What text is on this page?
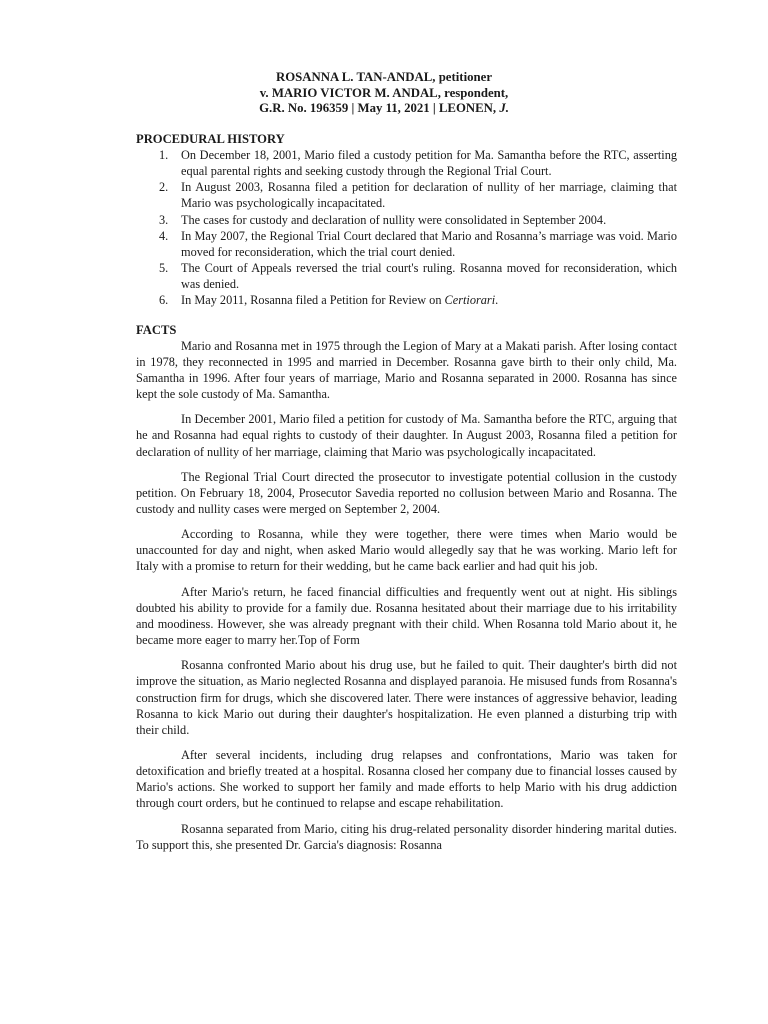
ROSANNA L. TAN-ANDAL, petitioner
v. MARIO VICTOR M. ANDAL, respondent,
G.R. No. 196359 | May 11, 2021 | LEONEN, J.
PROCEDURAL HISTORY
1. On December 18, 2001, Mario filed a custody petition for Ma. Samantha before the RTC, asserting equal parental rights and seeking custody through the Regional Trial Court.
2. In August 2003, Rosanna filed a petition for declaration of nullity of her marriage, claiming that Mario was psychologically incapacitated.
3. The cases for custody and declaration of nullity were consolidated in September 2004.
4. In May 2007, the Regional Trial Court declared that Mario and Rosanna’s marriage was void. Mario moved for reconsideration, which the trial court denied.
5. The Court of Appeals reversed the trial court's ruling. Rosanna moved for reconsideration, which was denied.
6. In May 2011, Rosanna filed a Petition for Review on Certiorari.
FACTS

Mario and Rosanna met in 1975 through the Legion of Mary at a Makati parish. After losing contact in 1978, they reconnected in 1995 and married in December. Rosanna gave birth to their only child, Ma. Samantha in 1996. After four years of marriage, Mario and Rosanna separated in 2000. Rosanna has since kept the sole custody of Ma. Samantha.

In December 2001, Mario filed a petition for custody of Ma. Samantha before the RTC, arguing that he and Rosanna had equal rights to custody of their daughter. In August 2003, Rosanna filed a petition for declaration of nullity of her marriage, claiming that Mario was psychologically incapacitated.

The Regional Trial Court directed the prosecutor to investigate potential collusion in the custody petition. On February 18, 2004, Prosecutor Savedia reported no collusion between Mario and Rosanna. The custody and nullity cases were merged on September 2, 2004.

According to Rosanna, while they were together, there were times when Mario would be unaccounted for day and night, when asked Mario would allegedly say that he was working. Mario left for Italy with a promise to return for their wedding, but he came back earlier and had quit his job.

After Mario's return, he faced financial difficulties and frequently went out at night. His siblings doubted his ability to provide for a family due. Rosanna hesitated about their marriage due to his irritability and moodiness. However, she was already pregnant with their child. When Rosanna told Mario about it, he became more eager to marry her.Top of Form

Rosanna confronted Mario about his drug use, but he failed to quit. Their daughter's birth did not improve the situation, as Mario neglected Rosanna and displayed paranoia. He misused funds from Rosanna's construction firm for drugs, which she discovered later. There were instances of aggressive behavior, leading Rosanna to kick Mario out during their daughter's hospitalization. He even planned a disturbing trip with their child.

After several incidents, including drug relapses and confrontations, Mario was taken for detoxification and briefly treated at a hospital. Rosanna closed her company due to financial losses caused by Mario's actions. She worked to support her family and made efforts to help Mario with his drug addiction through court orders, but he continued to relapse and escape rehabilitation.

Rosanna separated from Mario, citing his drug-related personality disorder hindering marital duties. To support this, she presented Dr. Garcia's diagnosis: Rosanna
